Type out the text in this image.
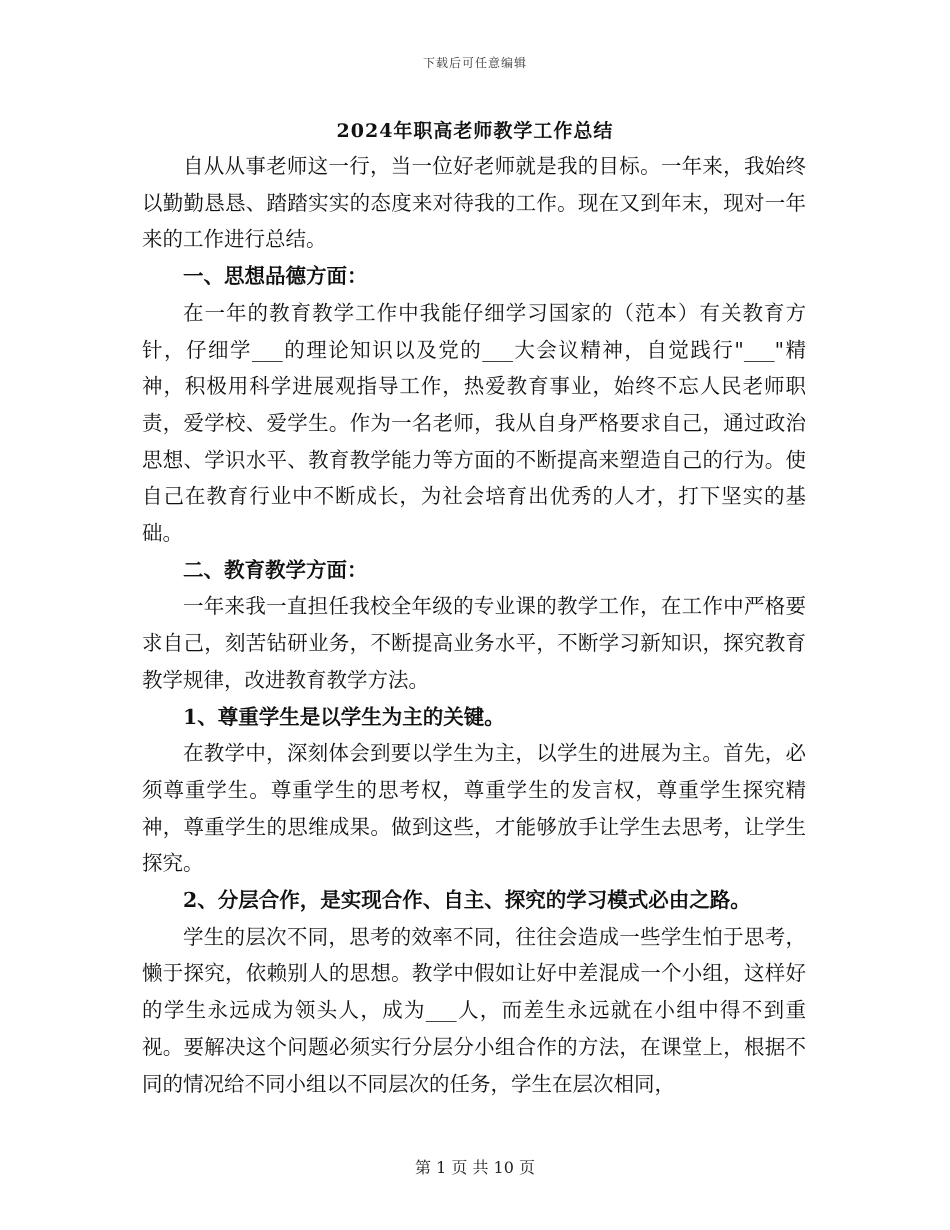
下载后可任意编辑
2024年职高老师教学工作总结

自从从事老师这一行，当一位好老师就是我的目标。一年来，我始终以勤勤恳恳、踏踏实实的态度来对待我的工作。现在又到年末，现对一年来的工作进行总结。

一、思想品德方面：

在一年的教育教学工作中我能仔细学习国家的（范本）有关教育方针，仔细学___的理论知识以及党的___大会议精神，自觉践行"___"精神，积极用科学进展观指导工作，热爱教育事业，始终不忘人民老师职责，爱学校、爱学生。作为一名老师，我从自身严格要求自己，通过政治思想、学识水平、教育教学能力等方面的不断提高来塑造自己的行为。使自己在教育行业中不断成长，为社会培育出优秀的人才，打下坚实的基础。

二、教育教学方面：

一年来我一直担任我校全年级的专业课的教学工作，在工作中严格要求自己，刻苦钻研业务，不断提高业务水平，不断学习新知识，探究教育教学规律，改进教育教学方法。

1、尊重学生是以学生为主的关键。

在教学中，深刻体会到要以学生为主，以学生的进展为主。首先，必须尊重学生。尊重学生的思考权，尊重学生的发言权，尊重学生探究精神，尊重学生的思维成果。做到这些，才能够放手让学生去思考，让学生探究。

2、分层合作，是实现合作、自主、探究的学习模式必由之路。

学生的层次不同，思考的效率不同，往往会造成一些学生怕于思考，懒于探究，依赖别人的思想。教学中假如让好中差混成一个小组，这样好的学生永远成为领头人，成为___人，而差生永远就在小组中得不到重视。要解决这个问题必须实行分层分小组合作的方法，在课堂上，根据不同的情况给不同小组以不同层次的任务，学生在层次相同，

第 1 页 共 10 页
